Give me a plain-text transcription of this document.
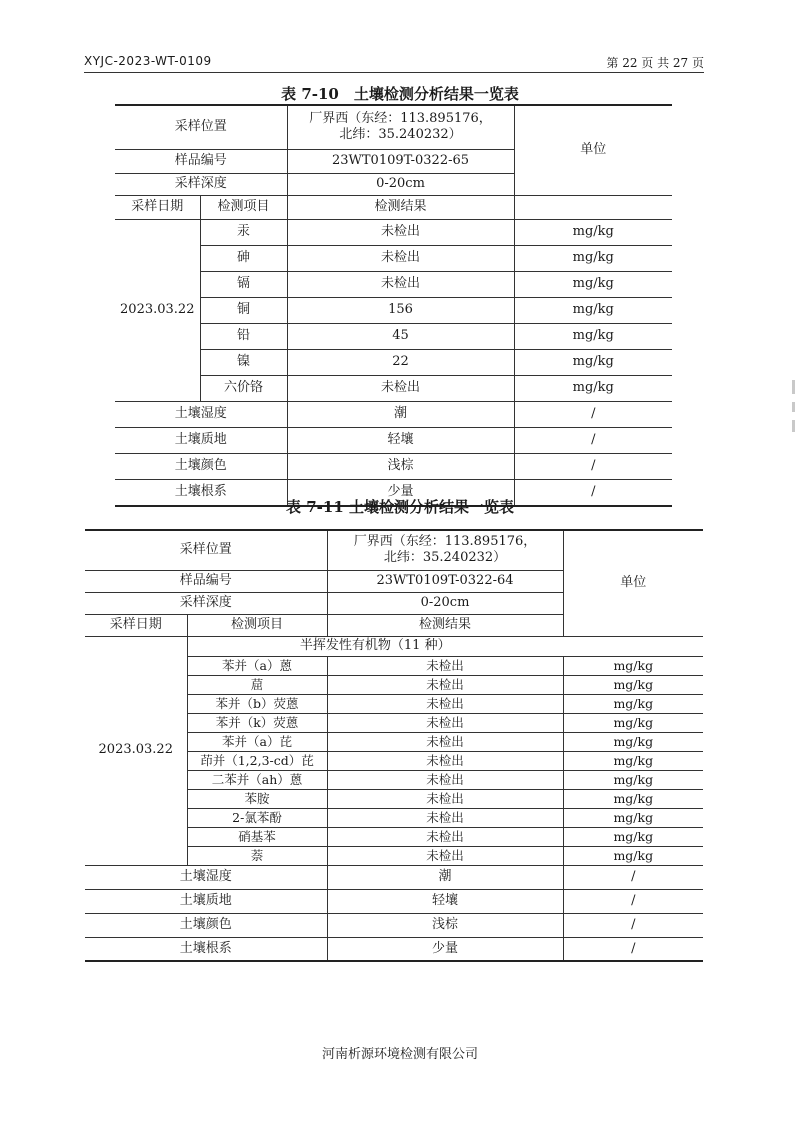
XYJC-2023-WT-0109	第 22 页 共 27 页
表 7-10　土壤检测分析结果一览表
采样位置		厂界西（东经：113.895176，
北纬：35.240232）	单位
样品编号		23WT0109T-0322-65	
采样深度		0-20cm	
采样日期	检测项目	检测结果	
2023.03.22	汞	未检出	mg/kg
	砷	未检出	mg/kg
	镉	未检出	mg/kg
	铜	156	mg/kg
	铅	45	mg/kg
	镍	22	mg/kg
	六价铬	未检出	mg/kg
土壤湿度		潮	/
土壤质地		轻壤	/
土壤颜色		浅棕	/
土壤根系		少量	/
表 7-11 土壤检测分析结果一览表
采样位置		厂界西（东经：113.895176，
北纬：35.240232）	单位
样品编号		23WT0109T-0322-64	
采样深度		0-20cm	
采样日期	检测项目	检测结果	
2023.03.22	半挥发性有机物（11 种）		
	苯并（a）蒽	未检出	mg/kg
	䓛	未检出	mg/kg
	苯并（b）荧蒽	未检出	mg/kg
	苯并（k）荧蒽	未检出	mg/kg
	苯并（a）芘	未检出	mg/kg
	茚并（1,2,3-cd）芘	未检出	mg/kg
	二苯并（ah）蒽	未检出	mg/kg
	苯胺	未检出	mg/kg
	2-氯苯酚	未检出	mg/kg
	硝基苯	未检出	mg/kg
	萘	未检出	mg/kg
土壤湿度		潮	/
土壤质地		轻壤	/
土壤颜色		浅棕	/
土壤根系		少量	/
河南析源环境检测有限公司
